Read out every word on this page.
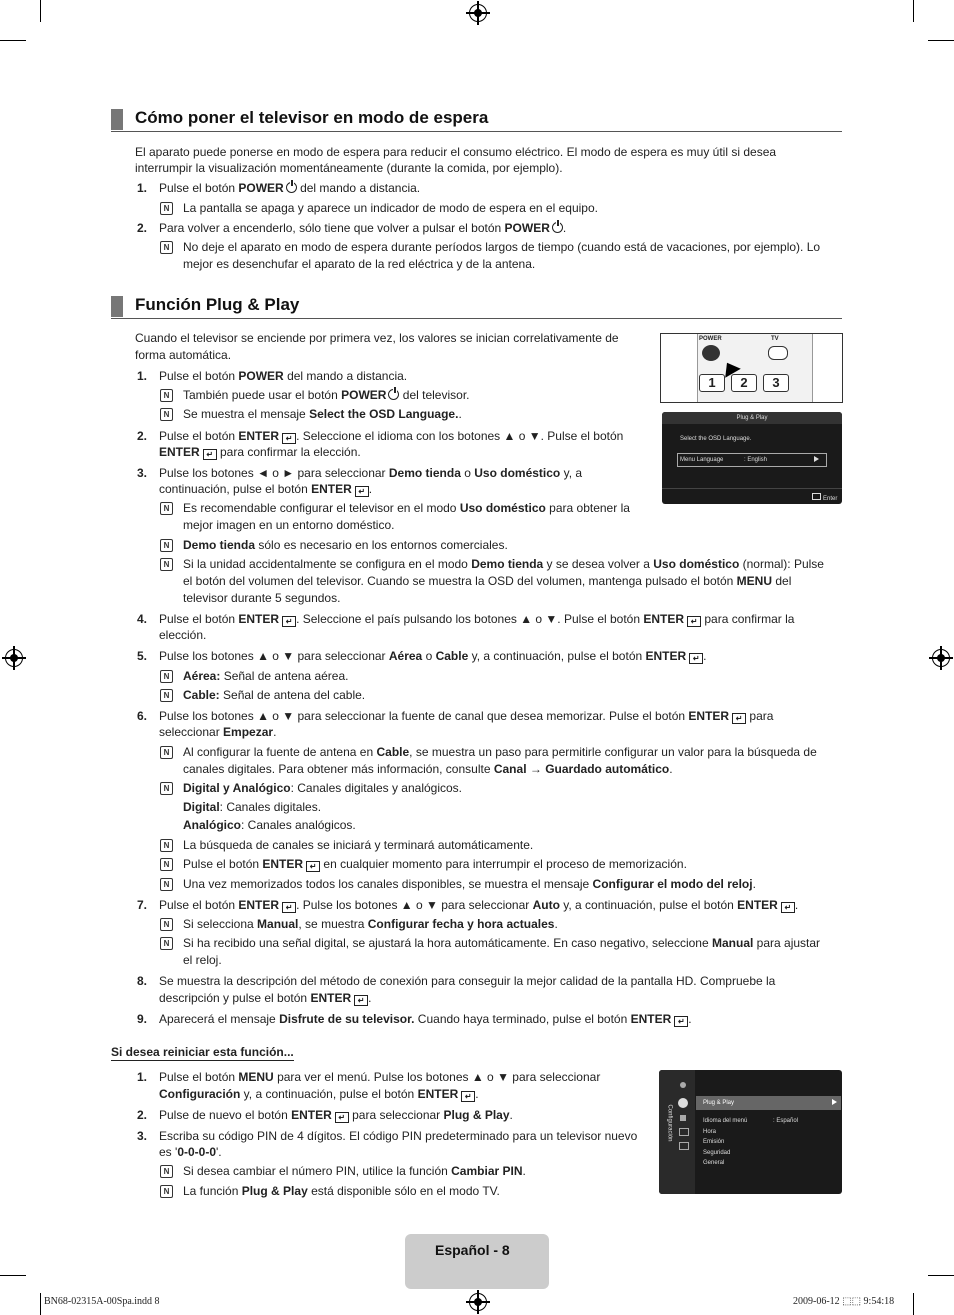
Cómo poner el televisor en modo de espera
El aparato puede ponerse en modo de espera para reducir el consumo eléctrico. El modo de espera es muy útil si desea
interrumpir la visualización momentáneamente (durante la comida, por ejemplo).
1. Pulse el botón POWER del mando a distancia.
N	La pantalla se apaga y aparece un indicador de modo de espera en el equipo.
2. Para volver a encenderlo, sólo tiene que volver a pulsar el botón POWER .
N	No deje el aparato en modo de espera durante períodos largos de tiempo (cuando está de vacaciones, por ejemplo). Lo
mejor es desenchufar el aparato de la red eléctrica y de la antena.
Función Plug & Play
Cuando el televisor se enciende por primera vez, los valores se inician correlativamente de
forma automática.
POWER	TV
1	2	3
Plug & Play
Select the OSD Language.
Menu Language	: English
Enter
1. Pulse el botón POWER del mando a distancia.
N	También puede usar el botón POWER del televisor.
N	Se muestra el mensaje Select the OSD Language..
2. Pulse el botón ENTER ↵ . Seleccione el idioma con los botones ▲ o ▼. Pulse el botón
ENTER ↵ para confirmar la elección.
3. Pulse los botones ◄ o ► para seleccionar Demo tienda o Uso doméstico y, a
continuación, pulse el botón ENTER ↵ .
N	Es recomendable configurar el televisor en el modo Uso doméstico para obtener la
mejor imagen en un entorno doméstico.
N	Demo tienda sólo es necesario en los entornos comerciales.
N	Si la unidad accidentalmente se configura en el modo Demo tienda y se desea volver a Uso doméstico (normal): Pulse
el botón del volumen del televisor. Cuando se muestra la OSD del volumen, mantenga pulsado el botón MENU del
televisor durante 5 segundos.
4. Pulse el botón ENTER ↵ . Seleccione el país pulsando los botones ▲ o ▼. Pulse el botón ENTER ↵ para confirmar la
elección.
5. Pulse los botones ▲ o ▼ para seleccionar Aérea o Cable y, a continuación, pulse el botón ENTER ↵ .
N	Aérea: Señal de antena aérea.
N	Cable: Señal de antena del cable.
6. Pulse los botones ▲ o ▼ para seleccionar la fuente de canal que desea memorizar. Pulse el botón ENTER ↵ para
seleccionar Empezar.
N	Al configurar la fuente de antena en Cable, se muestra un paso para permitirle configurar un valor para la búsqueda de
canales digitales. Para obtener más información, consulte Canal → Guardado automático.
N	Digital y Analógico: Canales digitales y analógicos.
Digital: Canales digitales.
Analógico: Canales analógicos.
N	La búsqueda de canales se iniciará y terminará automáticamente.
N	Pulse el botón ENTER ↵ en cualquier momento para interrumpir el proceso de memorización.
N	Una vez memorizados todos los canales disponibles, se muestra el mensaje Configurar el modo del reloj.
7. Pulse el botón ENTER ↵ . Pulse los botones ▲ o ▼ para seleccionar Auto y, a continuación, pulse el botón ENTER ↵ .
N	Si selecciona Manual, se muestra Configurar fecha y hora actuales.
N	Si ha recibido una señal digital, se ajustará la hora automáticamente. En caso negativo, seleccione Manual para ajustar
el reloj.
8. Se muestra la descripción del método de conexión para conseguir la mejor calidad de la pantalla HD. Compruebe la
descripción y pulse el botón ENTER ↵ .
9. Aparecerá el mensaje Disfrute de su televisor. Cuando haya terminado, pulse el botón ENTER ↵ .
Si desea reiniciar esta función...
1. Pulse el botón MENU para ver el menú. Pulse los botones ▲ o ▼ para seleccionar
Configuración y, a continuación, pulse el botón ENTER ↵ .
2. Pulse de nuevo el botón ENTER ↵ para seleccionar Plug & Play.
3. Escriba su código PIN de 4 dígitos. El código PIN predeterminado para un televisor nuevo
es '0-0-0-0'.
N	Si desea cambiar el número PIN, utilice la función Cambiar PIN.
N	La función Plug & Play está disponible sólo en el modo TV.
Configuración
Plug & Play
Idioma del menú	: Español
Hora
Emisión
Seguridad
General
Español - 8
BN68-02315A-00Spa.indd 8	2009-06-12 ⬚⬚ 9:54:18
